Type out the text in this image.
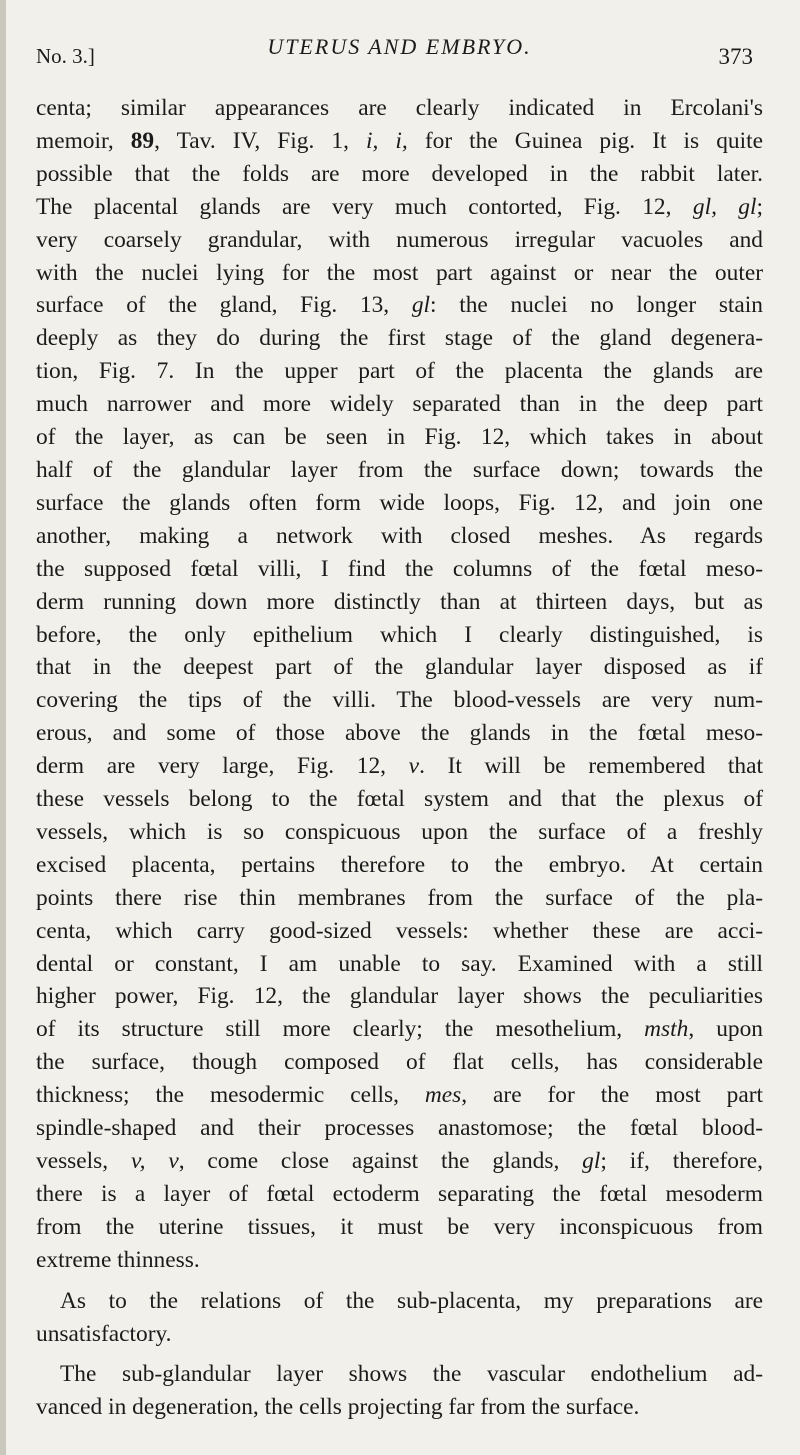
No. 3.]	UTERUS AND EMBRYO.	373

centa; similar appearances are clearly indicated in Ercolani's

memoir, 89, Tav. IV, Fig. 1, i, i, for the Guinea pig. It is quite

possible that the folds are more developed in the rabbit later.

The placental glands are very much contorted, Fig. 12, gl, gl;

very coarsely grandular, with numerous irregular vacuoles and

with the nuclei lying for the most part against or near the outer

surface of the gland, Fig. 13, gl: the nuclei no longer stain

deeply as they do during the first stage of the gland degenera-

tion, Fig. 7. In the upper part of the placenta the glands are

much narrower and more widely separated than in the deep part

of the layer, as can be seen in Fig. 12, which takes in about

half of the glandular layer from the surface down; towards the

surface the glands often form wide loops, Fig. 12, and join one

another, making a network with closed meshes. As regards

the supposed fœtal villi, I find the columns of the fœtal meso-

derm running down more distinctly than at thirteen days, but as

before, the only epithelium which I clearly distinguished, is

that in the deepest part of the glandular layer disposed as if

covering the tips of the villi. The blood-vessels are very num-

erous, and some of those above the glands in the fœtal meso-

derm are very large, Fig. 12, v. It will be remembered that

these vessels belong to the fœtal system and that the plexus of

vessels, which is so conspicuous upon the surface of a freshly

excised placenta, pertains therefore to the embryo. At certain

points there rise thin membranes from the surface of the pla-

centa, which carry good-sized vessels: whether these are acci-

dental or constant, I am unable to say. Examined with a still

higher power, Fig. 12, the glandular layer shows the peculiarities

of its structure still more clearly; the mesothelium, msth, upon

the surface, though composed of flat cells, has considerable

thickness; the mesodermic cells, mes, are for the most part

spindle-shaped and their processes anastomose; the fœtal blood-

vessels, v, v, come close against the glands, gl; if, therefore,

there is a layer of fœtal ectoderm separating the fœtal mesoderm

from the uterine tissues, it must be very inconspicuous from

extreme thinness.

As to the relations of the sub-placenta, my preparations are

unsatisfactory.

The sub-glandular layer shows the vascular endothelium ad-

vanced in degeneration, the cells projecting far from the surface.
